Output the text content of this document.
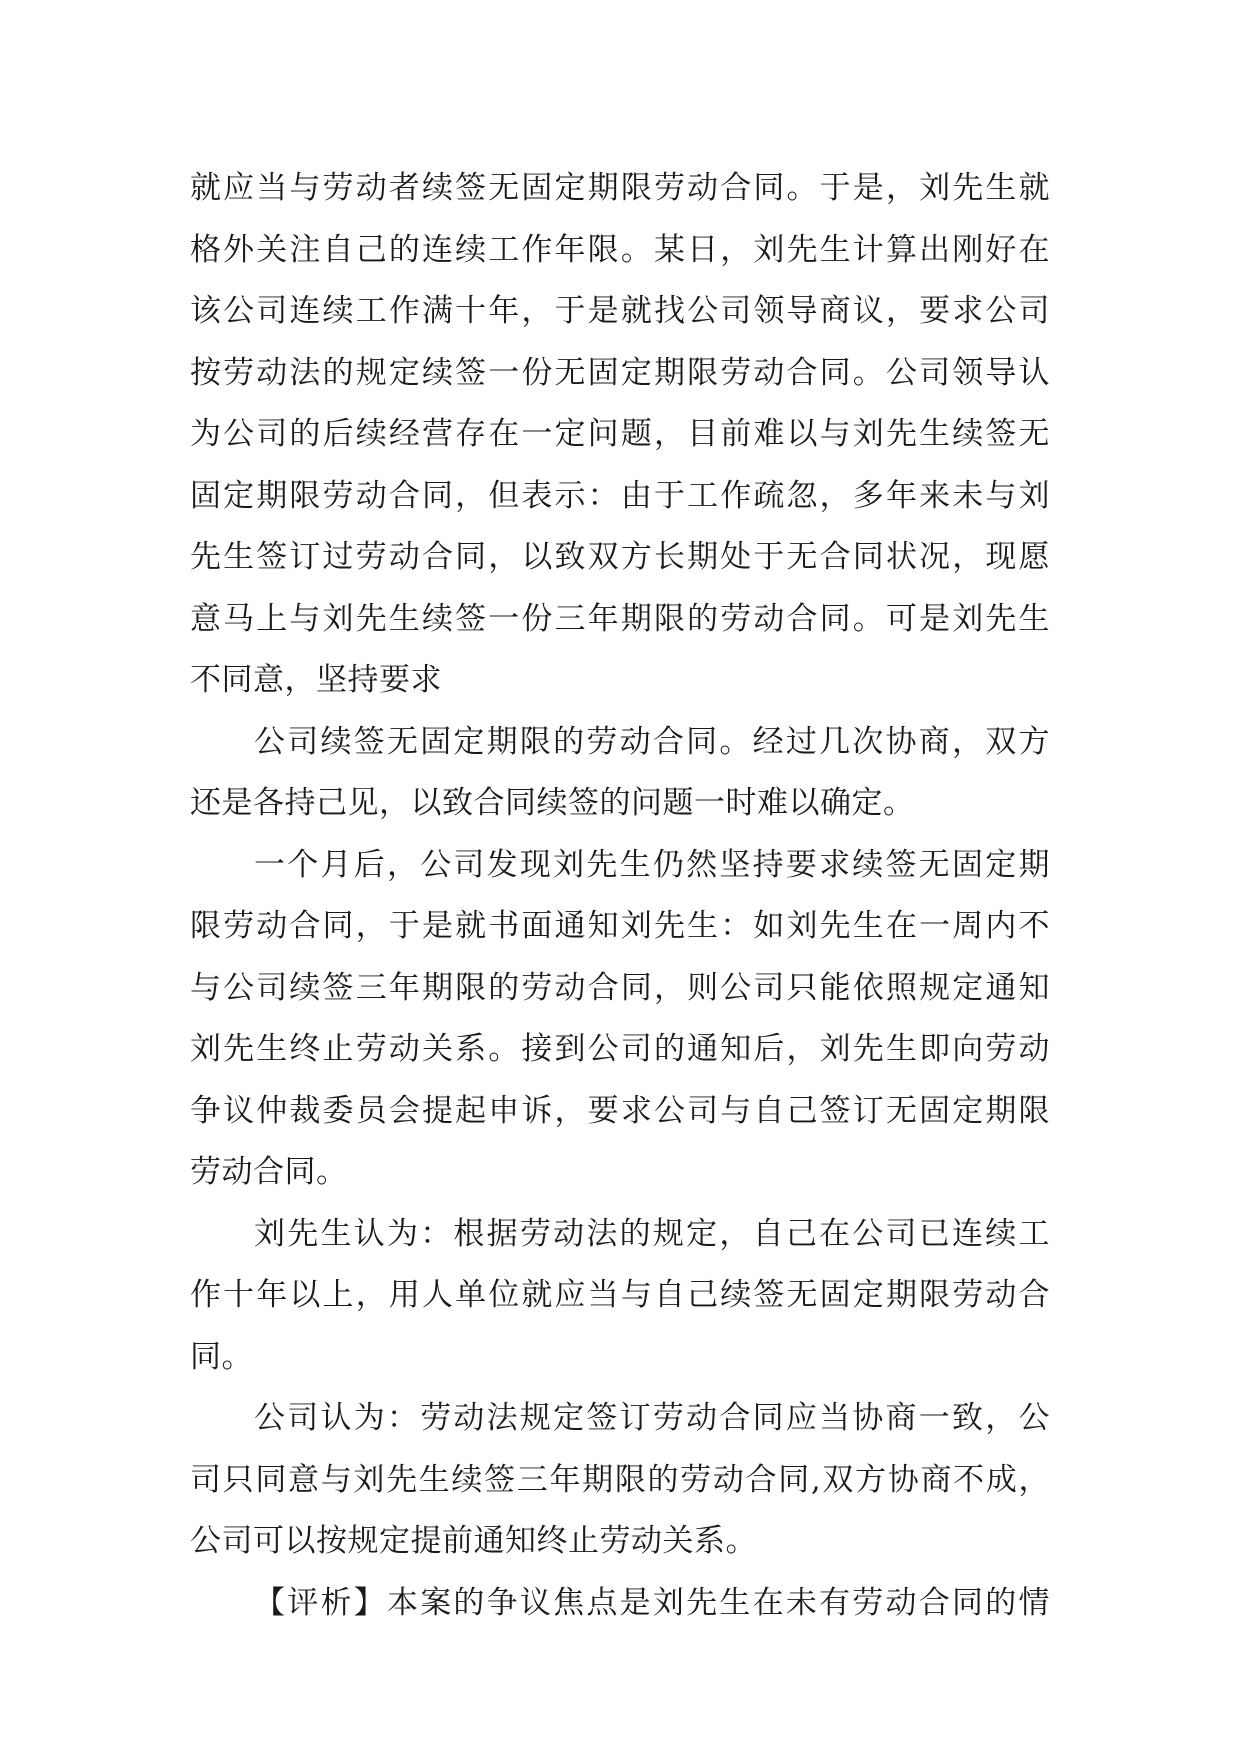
就应当与劳动者续签无固定期限劳动合同。于是，刘先生就
格外关注自己的连续工作年限。某日，刘先生计算出刚好在
该公司连续工作满十年，于是就找公司领导商议，要求公司
按劳动法的规定续签一份无固定期限劳动合同。公司领导认
为公司的后续经营存在一定问题，目前难以与刘先生续签无
固定期限劳动合同，但表示：由于工作疏忽，多年来未与刘
先生签订过劳动合同，以致双方长期处于无合同状况，现愿
意马上与刘先生续签一份三年期限的劳动合同。可是刘先生
不同意，坚持要求
公司续签无固定期限的劳动合同。经过几次协商，双方
还是各持己见，以致合同续签的问题一时难以确定。
一个月后，公司发现刘先生仍然坚持要求续签无固定期
限劳动合同，于是就书面通知刘先生：如刘先生在一周内不
与公司续签三年期限的劳动合同，则公司只能依照规定通知
刘先生终止劳动关系。接到公司的通知后，刘先生即向劳动
争议仲裁委员会提起申诉，要求公司与自己签订无固定期限
劳动合同。
刘先生认为：根据劳动法的规定，自己在公司已连续工
作十年以上，用人单位就应当与自己续签无固定期限劳动合
同。
公司认为：劳动法规定签订劳动合同应当协商一致，公
司只同意与刘先生续签三年期限的劳动合同,双方协商不成，
公司可以按规定提前通知终止劳动关系。
【评析】本案的争议焦点是刘先生在未有劳动合同的情
